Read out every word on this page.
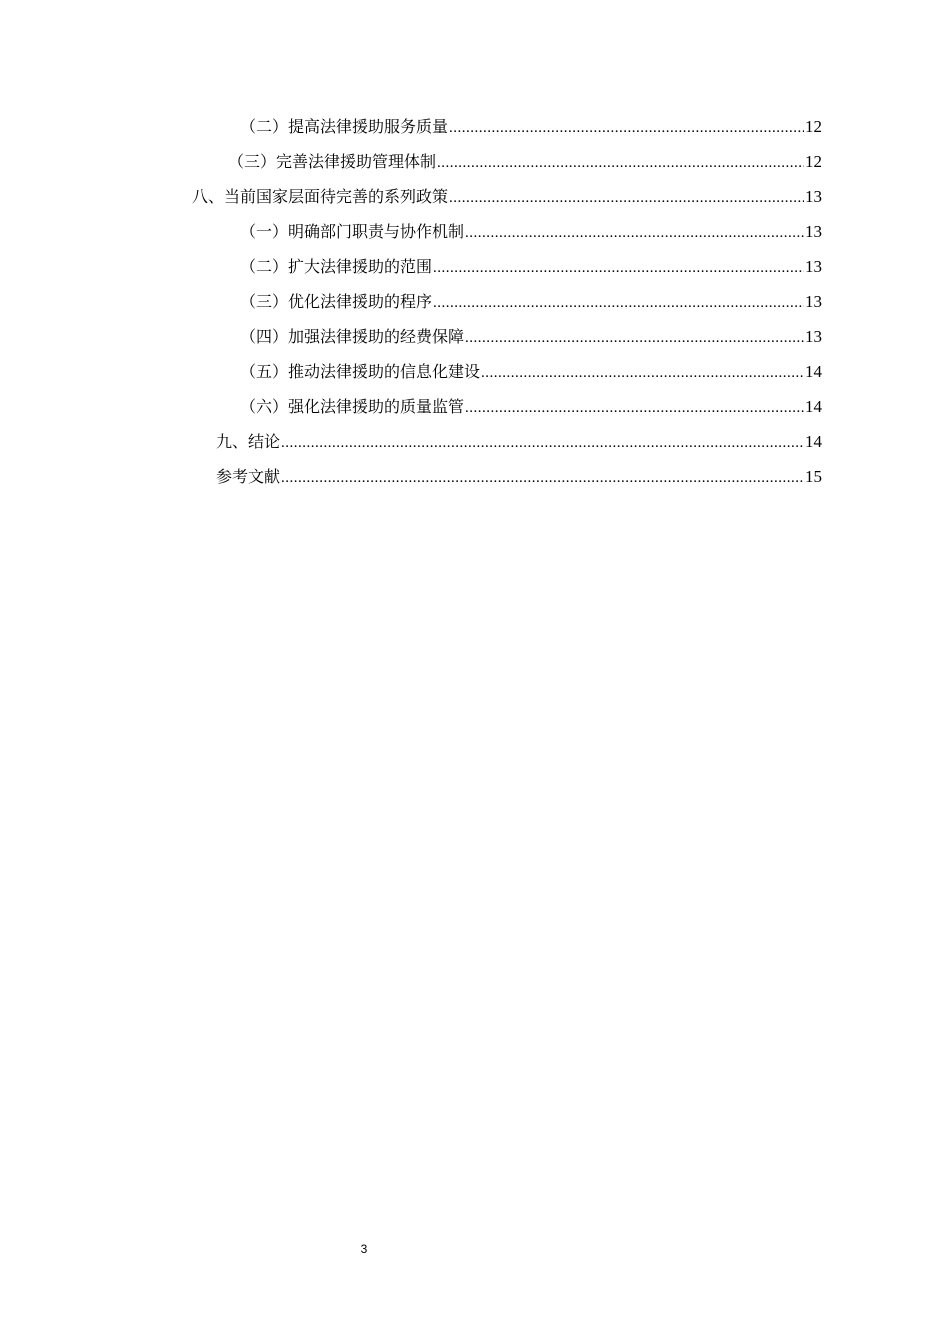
（二）提高法律援助服务质量 .....	12
（三）完善法律援助管理体制 .....	12
八、当前国家层面待完善的系列政策 .....	13
（一）明确部门职责与协作机制 .....	13
（二）扩大法律援助的范围 .....	13
（三）优化法律援助的程序 .....	13
（四）加强法律援助的经费保障 .....	13
（五）推动法律援助的信息化建设 .....	14
（六）强化法律援助的质量监管 .....	14
九、结论 .....	14
参考文献 .....	15
3
